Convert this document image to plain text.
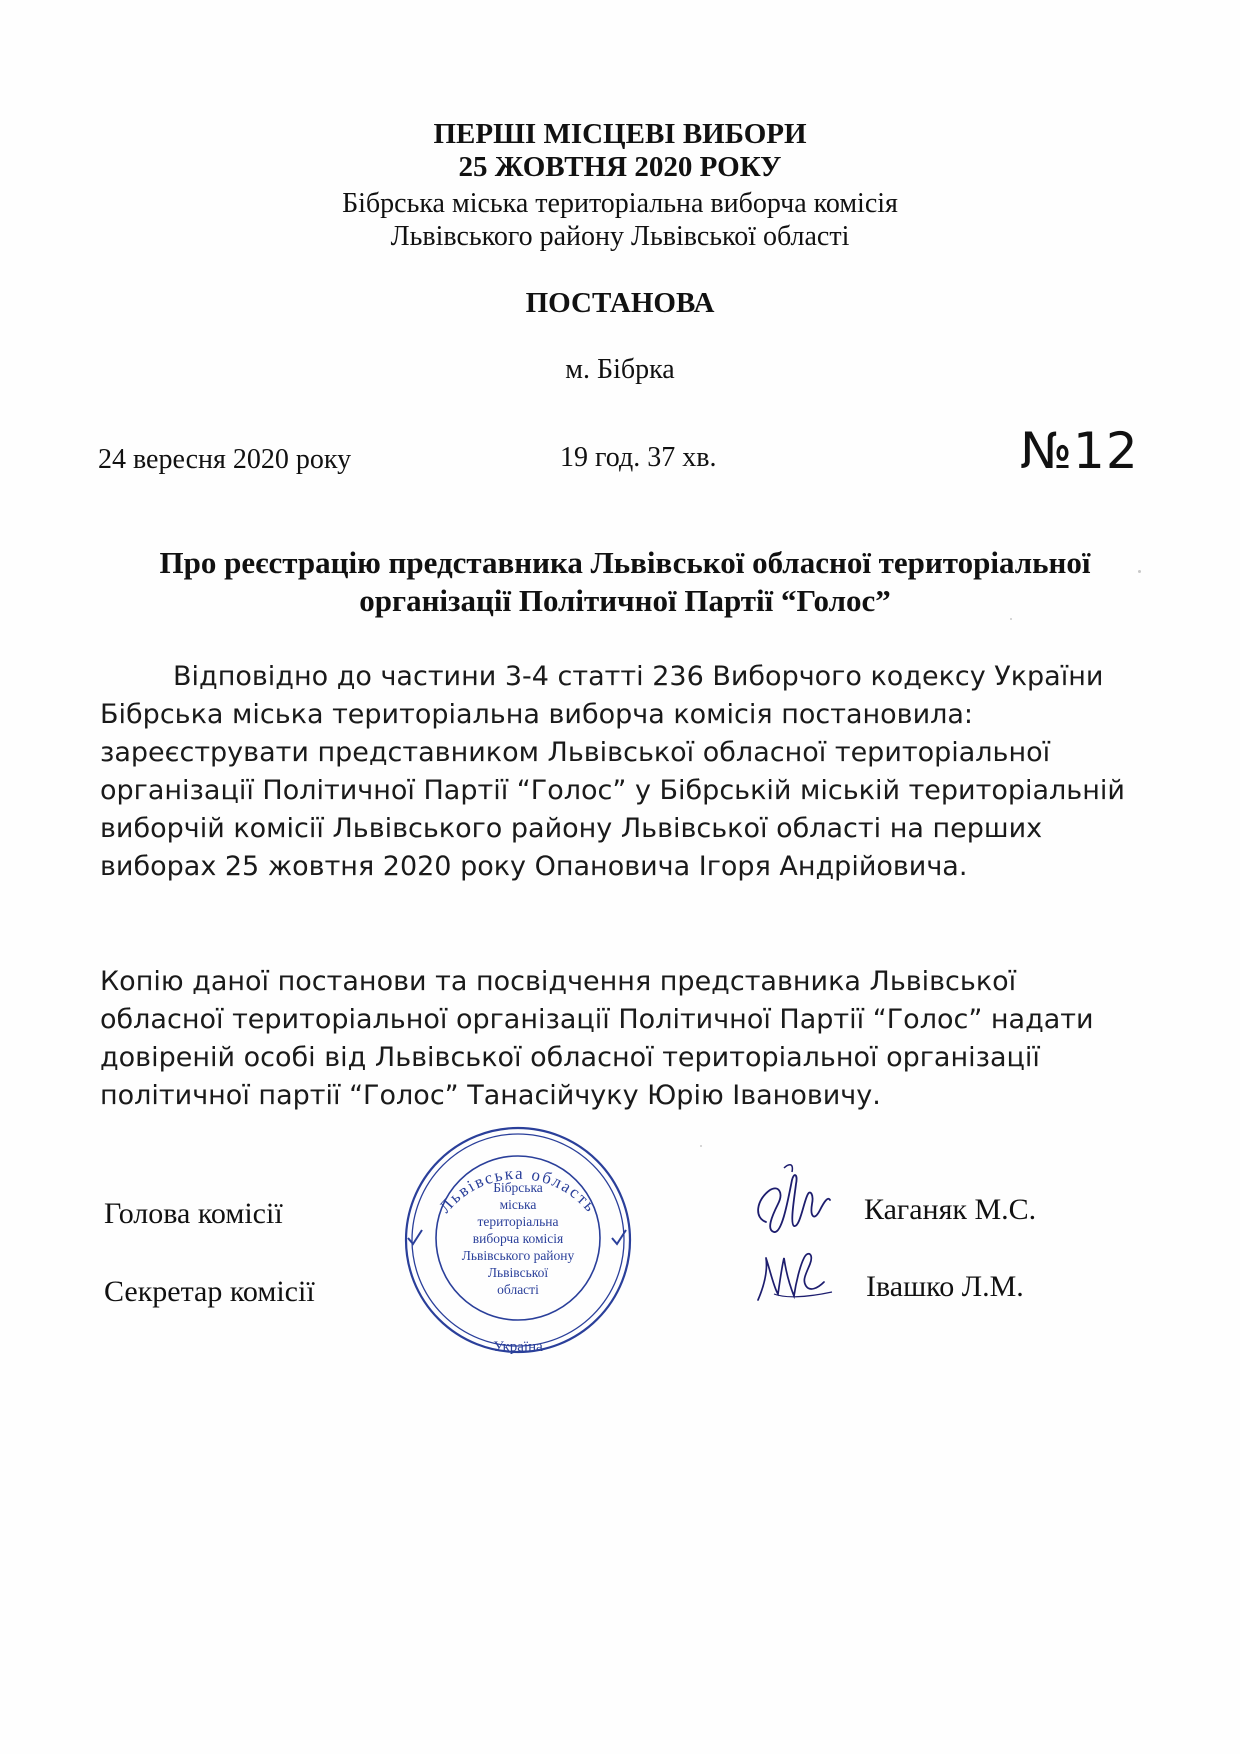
ПЕРШІ МІСЦЕВІ ВИБОРИ
25 ЖОВТНЯ 2020 РОКУ
Бібрська міська територіальна виборча комісія
Львівського району Львівської області
ПОСТАНОВА
м. Бібрка
24 вересня 2020 року	19 год. 37 хв.	№12
Про реєстрацію представника Львівської обласної територіальної
організації Політичної Партії “Голос”
Відповідно до частини 3-4 статті 236 Виборчого кодексу України
Бібрська міська територіальна виборча комісія постановила:
зареєструвати представником Львівської обласної територіальної
організації Політичної Партії “Голос” у Бібрській міській територіальній
виборчій комісії Львівського району Львівської області на перших
виборах 25 жовтня 2020 року Опановича Ігоря Андрійовича.
Копію даної постанови та посвідчення представника Львівської
обласної територіальної організації Політичної Партії “Голос” надати
довіреній особі від Львівської обласної територіальної організації
політичної партії “Голос” Танасійчуку Юрію Івановичу.
Голова комісії
Секретар комісії
Каганяк М.С.
Івашко Л.М.
Львівська область
Україна
Бібрська
міська
територіальна
виборча комісія
Львівського району
Львівської
області
